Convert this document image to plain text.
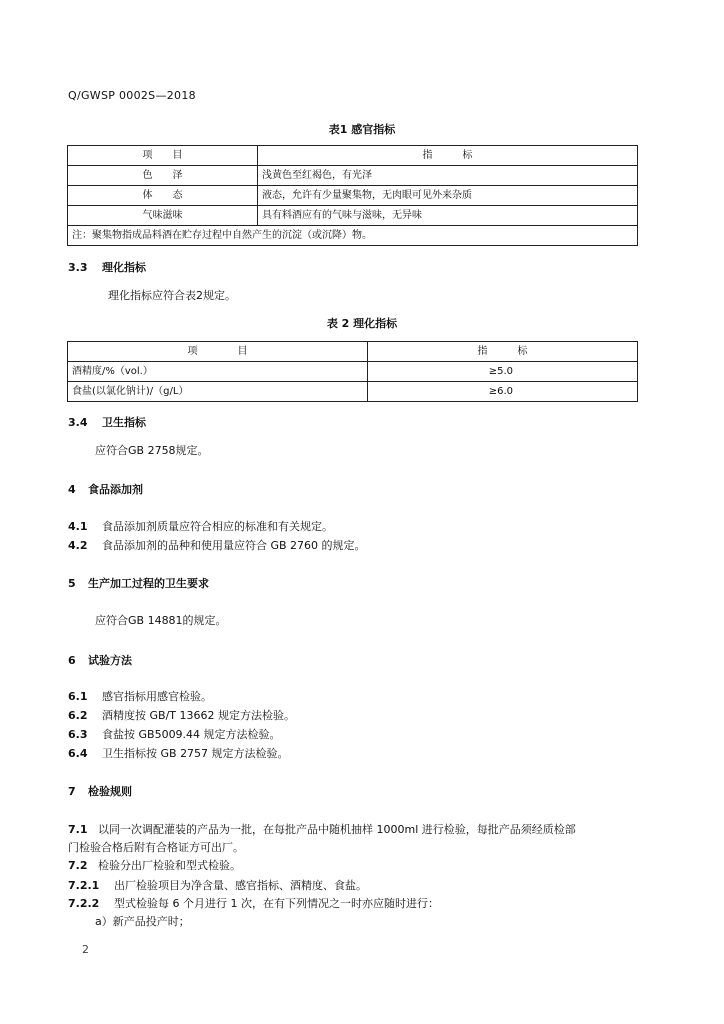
Q/GWSP 0002S—2018
表1 感官指标
项　　目	指　　　标
色　　泽	浅黄色至红褐色，有光泽
体　　态	液态，允许有少量聚集物，无肉眼可见外来杂质
气味滋味	具有料酒应有的气味与滋味，无异味
注：聚集物指成品料酒在贮存过程中自然产生的沉淀（或沉降）物。	
3.3 理化指标
理化指标应符合表2规定。
表 2 理化指标
项　　　　目	指　　　标
酒精度/%（vol.）	≥5.0
食盐(以氯化钠计)/（g/L）	≥6.0
3.4 卫生指标
应符合GB 2758规定。
4 食品添加剂
4.1 食品添加剂质量应符合相应的标准和有关规定。
4.2 食品添加剂的品种和使用量应符合 GB 2760 的规定。
5 生产加工过程的卫生要求
应符合GB 14881的规定。
6 试验方法
6.1 感官指标用感官检验。
6.2 酒精度按 GB/T 13662 规定方法检验。
6.3 食盐按 GB5009.44 规定方法检验。
6.4 卫生指标按 GB 2757 规定方法检验。
7 检验规则
7.1 以同一次调配灌装的产品为一批，在每批产品中随机抽样 1000ml 进行检验，每批产品须经质检部
门检验合格后附有合格证方可出厂。
7.2 检验分出厂检验和型式检验。
7.2.1 出厂检验项目为净含量、感官指标、酒精度、食盐。
7.2.2 型式检验每 6 个月进行 1 次，在有下列情况之一时亦应随时进行：
a）新产品投产时；
2
